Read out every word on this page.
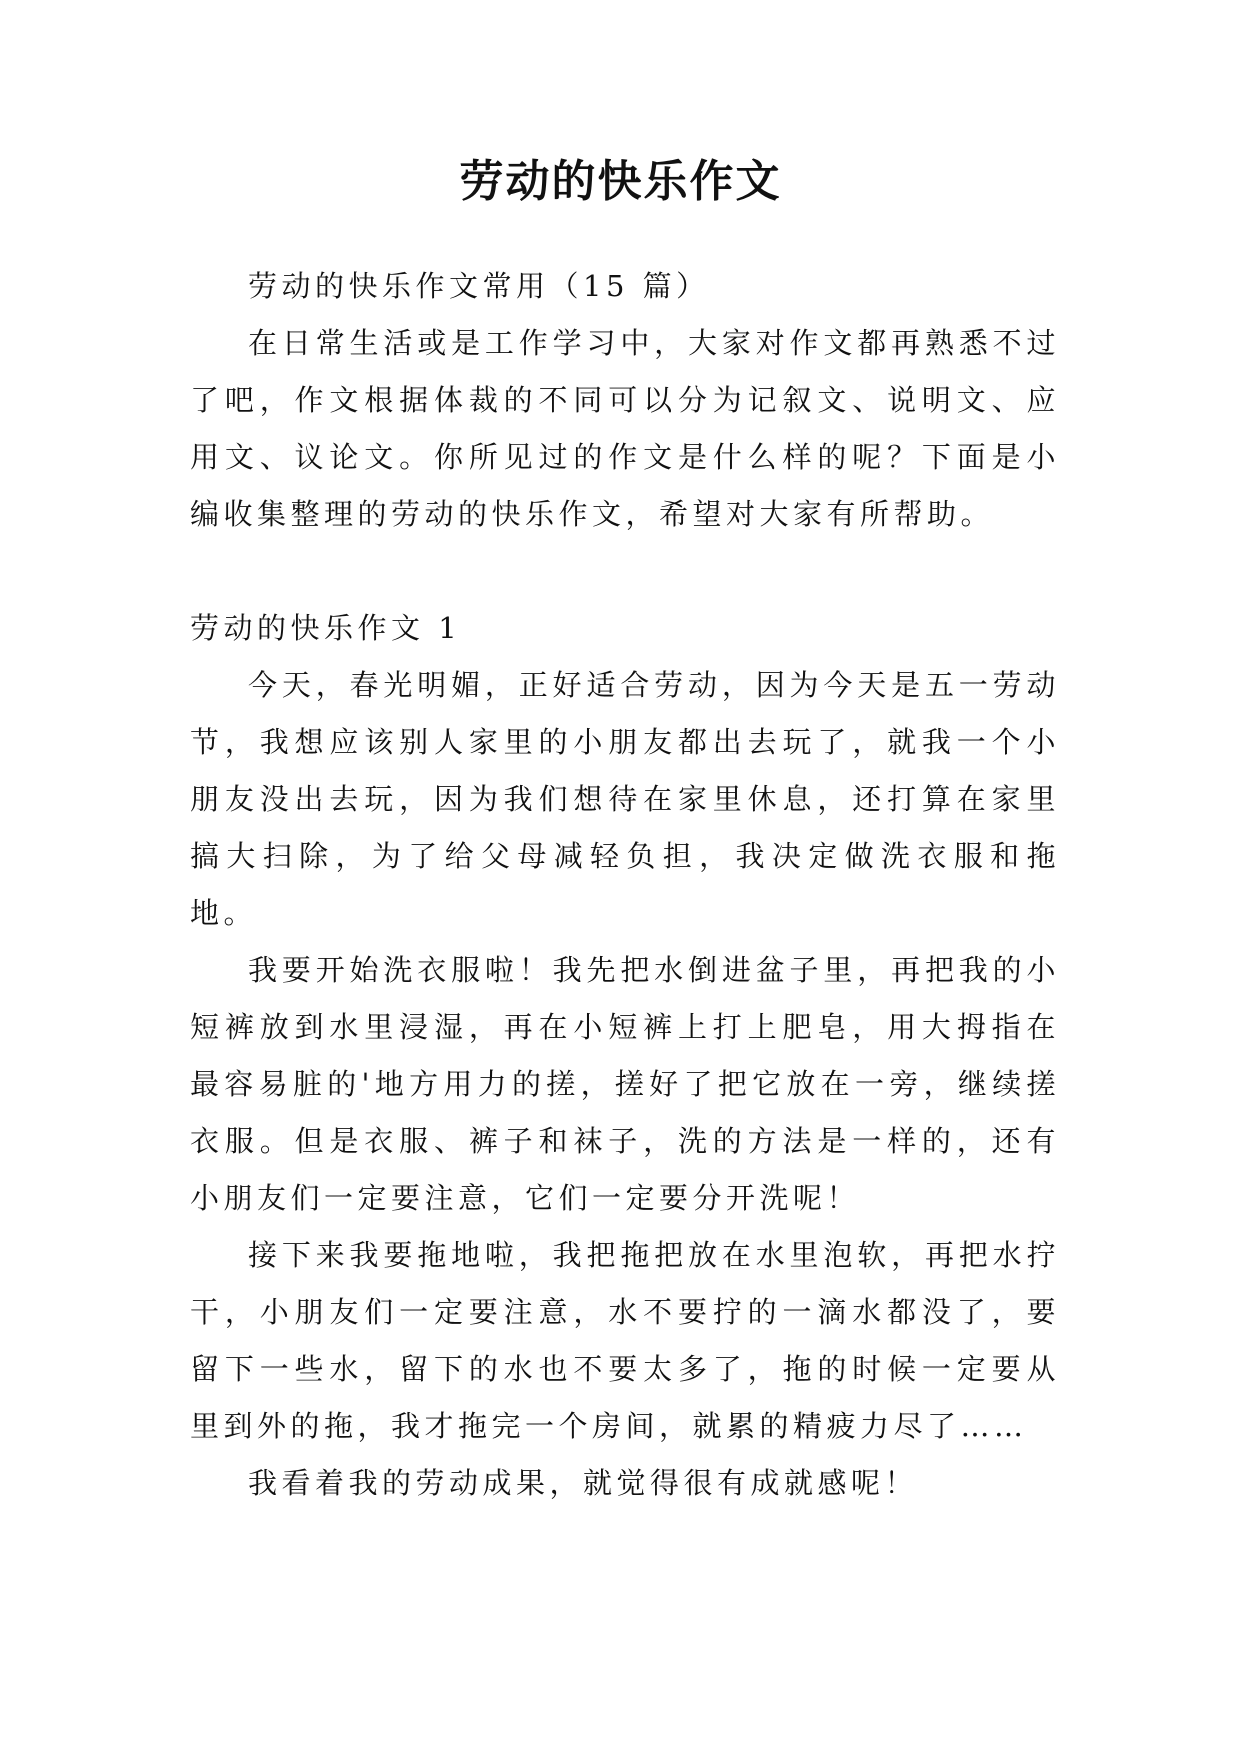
劳动的快乐作文

劳动的快乐作文常用（15 篇）

在日常生活或是工作学习中，大家对作文都再熟悉不过了吧，作文根据体裁的不同可以分为记叙文、说明文、应用文、议论文。你所见过的作文是什么样的呢？下面是小编收集整理的劳动的快乐作文，希望对大家有所帮助。

劳动的快乐作文 1

今天，春光明媚，正好适合劳动，因为今天是五一劳动节，我想应该别人家里的小朋友都出去玩了，就我一个小朋友没出去玩，因为我们想待在家里休息，还打算在家里搞大扫除，为了给父母减轻负担，我决定做洗衣服和拖地。

我要开始洗衣服啦！我先把水倒进盆子里，再把我的小短裤放到水里浸湿，再在小短裤上打上肥皂，用大拇指在最容易脏的'地方用力的搓，搓好了把它放在一旁，继续搓衣服。但是衣服、裤子和袜子，洗的方法是一样的，还有小朋友们一定要注意，它们一定要分开洗呢！

接下来我要拖地啦，我把拖把放在水里泡软，再把水拧干，小朋友们一定要注意，水不要拧的一滴水都没了，要留下一些水，留下的水也不要太多了，拖的时候一定要从里到外的拖，我才拖完一个房间，就累的精疲力尽了……

我看着我的劳动成果，就觉得很有成就感呢！
